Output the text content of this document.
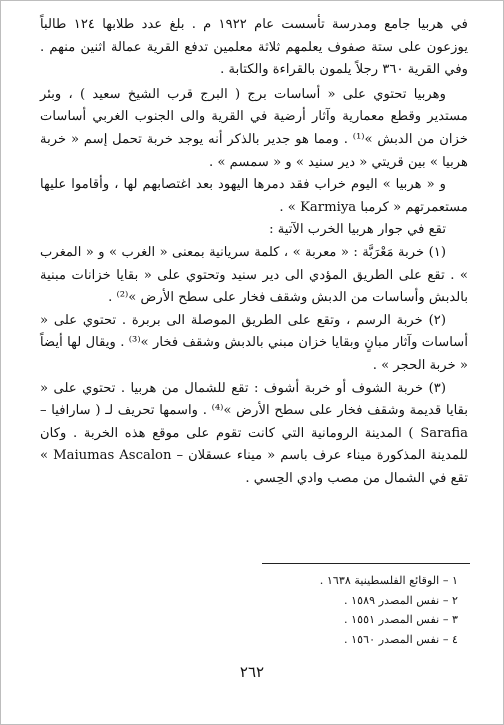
في هربيا جامع ومدرسة تأسست عام ١٩٢٢ م . بلغ عدد طلابها ١٢٤ طالباً يوزعون على ستة صفوف يعلمهم ثلاثة معلمين تدفع القرية عمالة اثنين منهم . وفي القرية ٣٦٠ رجلاً يلمون بالقراءة والكتابة .

وهربيا تحتوي على « أساسات برج ( البرج قرب الشيخ سعيد ) ، وبئر مستدير وقطع معمارية وآثار أرضية في القرية والى الجنوب الغربي أساسات خزان من الدبش »⁽¹⁾ . ومما هو جدير بالذكر أنه يوجد خربة تحمل إسم « خربة هربيا » بين قريتي « دير سنيد » و « سمسم » .

و « هربيا » اليوم خراب فقد دمرها اليهود بعد اغتصابهم لها ، وأقاموا عليها مستعمرتهم « كرمبا Karmiya » .

تقع في جوار هربيا الخرب الآتية :

(١) خربة مَعْرَبَّة : « معربة » ، كلمة سريانية بمعنى « الغرب » و « المغرب » . تقع على الطريق المؤدي الى دير سنيد وتحتوي على « بقايا خزانات مبنية بالدبش وأساسات من الدبش وشقف فخار على سطح الأرض »⁽²⁾ .

(٢) خربة الرسم ، وتقع على الطريق الموصلة الى بربرة . تحتوي على « أساسات وآثار مبانٍ وبقايا خزان مبني بالدبش وشقف فخار »⁽³⁾ . ويقال لها أيضاً « خربة الحجر » .

(٣) خربة الشوف أو خربة أشوف : تقع للشمال من هربيا . تحتوي على « بقايا قديمة وشقف فخار على سطح الأرض »⁽⁴⁾ . واسمها تحريف لـ ( سارافيا – Sarafia ) المدينة الرومانية التي كانت تقوم على موقع هذه الخربة . وكان للمدينة المذكورة ميناء عرف باسم « ميناء عسقلان – Maiumas Ascalon » تقع في الشمال من مصب وادي الحِسي .

١ – الوقائع الفلسطينية ١٦٣٨ .
٢ – نفس المصدر ١٥٨٩ .
٣ – نفس المصدر ١٥٥١ .
٤ – نفس المصدر ١٥٦٠ .
٢٦٢
